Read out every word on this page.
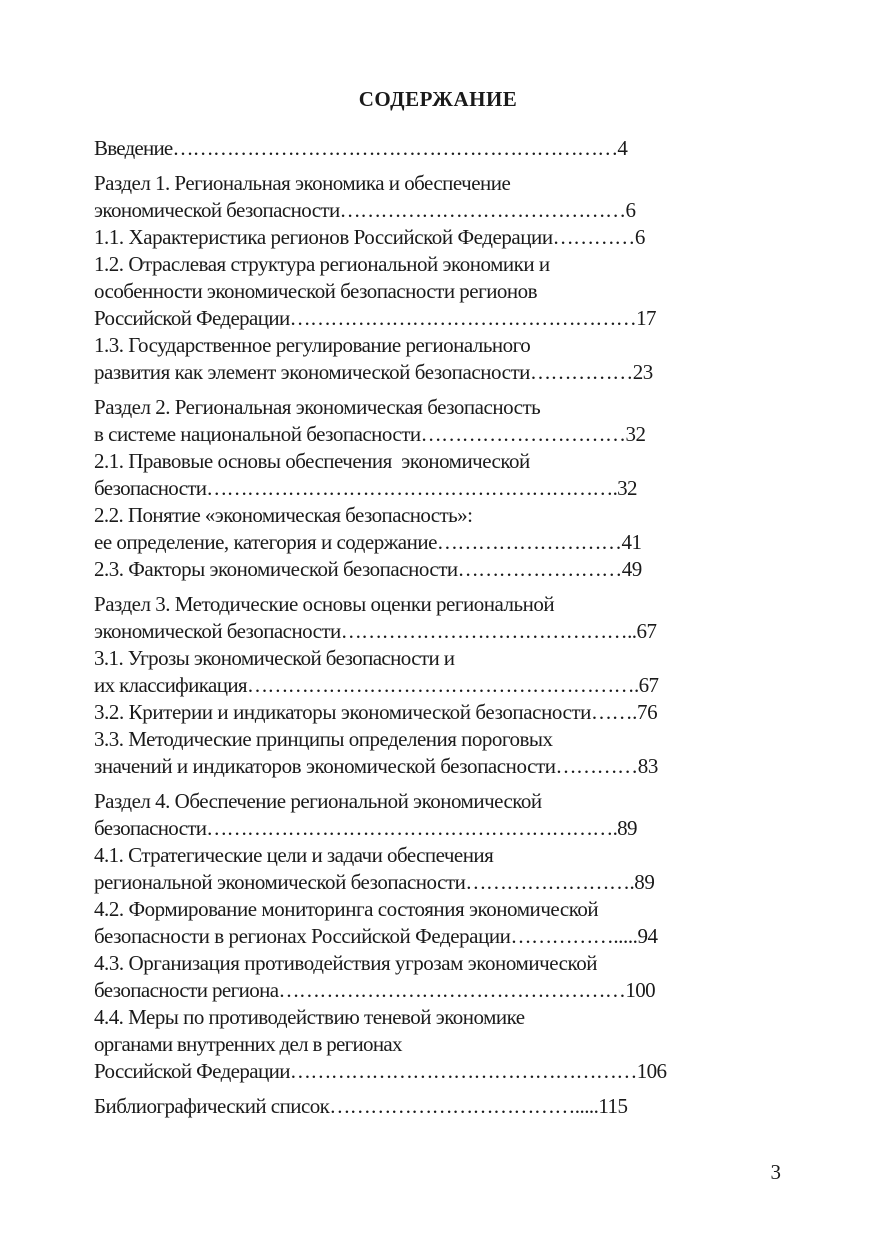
СОДЕРЖАНИЕ
Введение…………………………………………………………4
Раздел 1. Региональная экономика и обеспечение
экономической безопасности……………………………………6
1.1. Характеристика регионов Российской Федерации…………6
1.2. Отраслевая структура региональной экономики и
особенности экономической безопасности регионов
Российской Федерации……………………………………………17
1.3. Государственное регулирование регионального
развития как элемент экономической безопасности……………23
Раздел 2. Региональная экономическая безопасность
в системе национальной безопасности…………………………32
2.1. Правовые основы обеспечения  экономической
безопасности…………………………………………………….32
2.2. Понятие «экономическая безопасность»:
ее определение, категория и содержание………………………41
2.3. Факторы экономической безопасности……………………49
Раздел 3. Методические основы оценки региональной
экономической безопасности……………………………………..67
3.1. Угрозы экономической безопасности и
их классификация………………………………………………….67
3.2. Критерии и индикаторы экономической безопасности…….76
3.3. Методические принципы определения пороговых
значений и индикаторов экономической безопасности…………83
Раздел 4. Обеспечение региональной экономической
безопасности…………………………………………………….89
4.1. Стратегические цели и задачи обеспечения
региональной экономической безопасности…………………….89
4.2. Формирование мониторинга состояния экономической
безопасности в регионах Российской Федерации…………….....94
4.3. Организация противодействия угрозам экономической
безопасности региона……………………………………………100
4.4. Меры по противодействию теневой экономике
органами внутренних дел в регионах
Российской Федерации……………………………………………106
Библиографический список……………………………….....115
3
